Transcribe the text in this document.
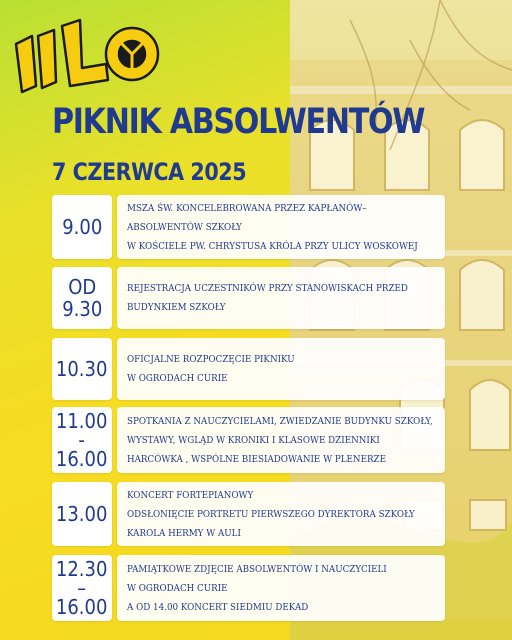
PIKNIK ABSOLWENTÓW
7 CZERWCA 2025
9.00
MSZA ŚW. KONCELEBROWANA PRZEZ KAPŁANÓW–
ABSOLWENTÓW SZKOŁY
W KOŚCIELE PW. CHRYSTUSA KRÓLA PRZY ULICY WOSKOWEJ
OD
9.30
REJESTRACJA UCZESTNIKÓW PRZY STANOWISKACH PRZED
BUDYNKIEM SZKOŁY
10.30 OFICJALNE ROZPOCZĘCIE PIKNIKU
W OGRODACH CURIE
11.00
-
16.00
SPOTKANIA Z NAUCZYCIELAMI, ZWIEDZANIE BUDYNKU SZKOŁY,
WYSTAWY, WGLĄD W KRONIKI I KLASOWE DZIENNIKI
HARCÓWKA , WSPÓLNE BIESIADOWANIE W PLENERZE
13.00
KONCERT FORTEPIANOWY
ODSŁONIĘCIE PORTRETU PIERWSZEGO DYREKTORA SZKOŁY
KAROLA HERMY W AULI
12.30
–
16.00
PAMIĄTKOWE ZDJĘCIE ABSOLWENTÓW I NAUCZYCIELI
W OGRODACH CURIE
A OD 14.00 KONCERT SIEDMIU DEKAD
